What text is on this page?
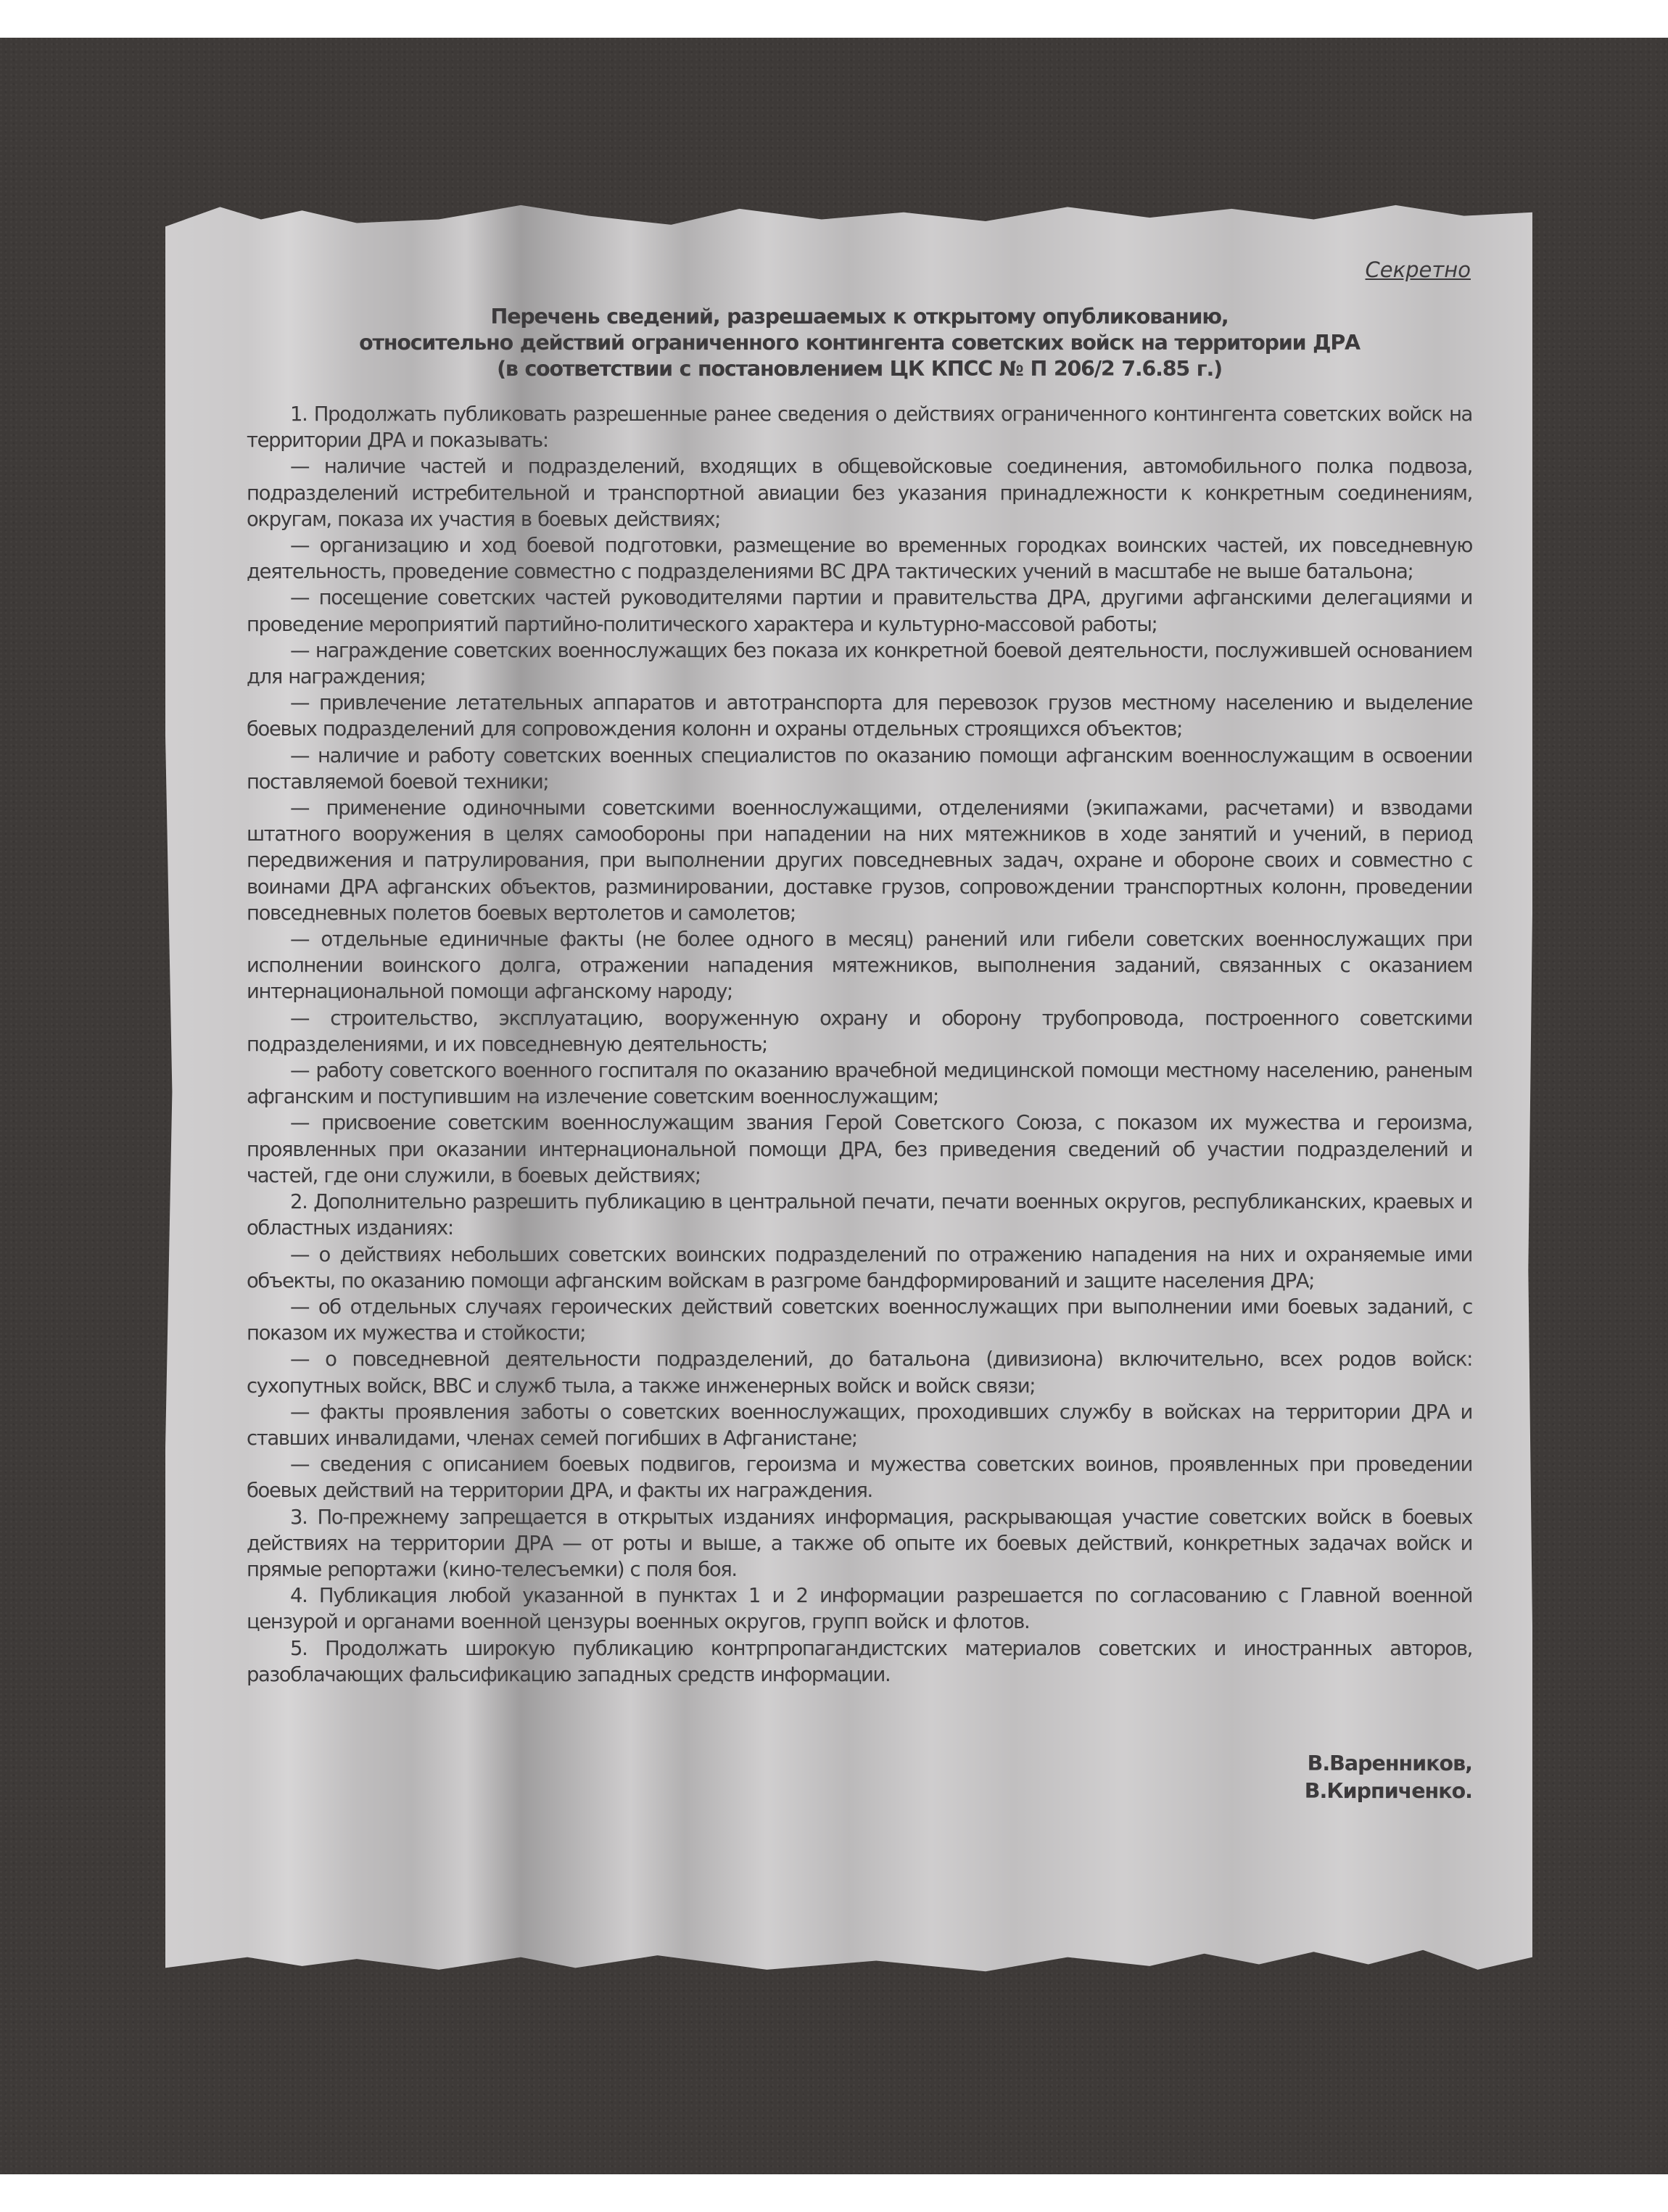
Секретно
Перечень сведений, разрешаемых к открытому опубликованию,
относительно действий ограниченного контингента советских войск на территории ДРА
(в соответствии с постановлением ЦК КПСС № П 206/2 7.6.85 г.)

1. Продолжать публиковать разрешенные ранее сведения о действиях ограниченного контингента советских войск на территории ДРА и показывать:

— наличие частей и подразделений, входящих в общевойсковые соединения, автомобильного полка подвоза, подразделений истребительной и транспортной авиации без указания принадлежности к конкретным соединениям, округам, показа их участия в боевых действиях;

— организацию и ход боевой подготовки, размещение во временных городках воинских частей, их повседневную деятельность, проведение совместно с подразделениями ВС ДРА тактических учений в масштабе не выше батальона;

— посещение советских частей руководителями партии и правительства ДРА, другими афганскими делегациями и проведение мероприятий партийно-политического характера и культурно-массовой работы;

— награждение советских военнослужащих без показа их конкретной боевой деятельности, послужившей основанием для награждения;

— привлечение летательных аппаратов и автотранспорта для перевозок грузов местному населению и выделение боевых подразделений для сопровождения колонн и охраны отдельных строящихся объектов;

— наличие и работу советских военных специалистов по оказанию помощи афганским военнослужащим в освоении поставляемой боевой техники;

— применение одиночными советскими военнослужащими, отделениями (экипажами, расчетами) и взводами штатного вооружения в целях самообороны при нападении на них мятежников в ходе занятий и учений, в период передвижения и патрулирования, при выполнении других повседневных задач, охране и обороне своих и совместно с воинами ДРА афганских объектов, разминировании, доставке грузов, сопровождении транспортных колонн, проведении повседневных полетов боевых вертолетов и самолетов;

— отдельные единичные факты (не более одного в месяц) ранений или гибели советских военнослужащих при исполнении воинского долга, отражении нападения мятежников, выполнения заданий, связанных с оказанием интернациональной помощи афганскому народу;

— строительство, эксплуатацию, вооруженную охрану и оборону трубопровода, построенного советскими подразделениями, и их повседневную деятельность;

— работу советского военного госпиталя по оказанию врачебной медицинской помощи местному населению, раненым афганским и поступившим на излечение советским военнослужащим;

— присвоение советским военнослужащим звания Герой Советского Союза, с показом их мужества и героизма, проявленных при оказании интернациональной помощи ДРА, без приведения сведений об участии подразделений и частей, где они служили, в боевых действиях;

2. Дополнительно разрешить публикацию в центральной печати, печати военных округов, республиканских, краевых и областных изданиях:

— о действиях небольших советских воинских подразделений по отражению нападения на них и охраняемые ими объекты, по оказанию помощи афганским войскам в разгроме бандформирований и защите населения ДРА;

— об отдельных случаях героических действий советских военнослужащих при выполнении ими боевых заданий, с показом их мужества и стойкости;

— о повседневной деятельности подразделений, до батальона (дивизиона) включительно, всех родов войск: сухопутных войск, ВВС и служб тыла, а также инженерных войск и войск связи;

— факты проявления заботы о советских военнослужащих, проходивших службу в войсках на территории ДРА и ставших инвалидами, членах семей погибших в Афганистане;

— сведения с описанием боевых подвигов, героизма и мужества советских воинов, проявленных при проведении боевых действий на территории ДРА, и факты их награждения.

3. По-прежнему запрещается в открытых изданиях информация, раскрывающая участие советских войск в боевых действиях на территории ДРА — от роты и выше, а также об опыте их боевых действий, конкретных задачах войск и прямые репортажи (кино-телесъемки) с поля боя.

4. Публикация любой указанной в пунктах 1 и 2 информации разрешается по согласованию с Главной военной цензурой и органами военной цензуры военных округов, групп войск и флотов.

5. Продолжать широкую публикацию контрпропагандистских материалов советских и иностранных авторов, разоблачающих фальсификацию западных средств информации.

В.Варенников,
В.Кирпиченко.
